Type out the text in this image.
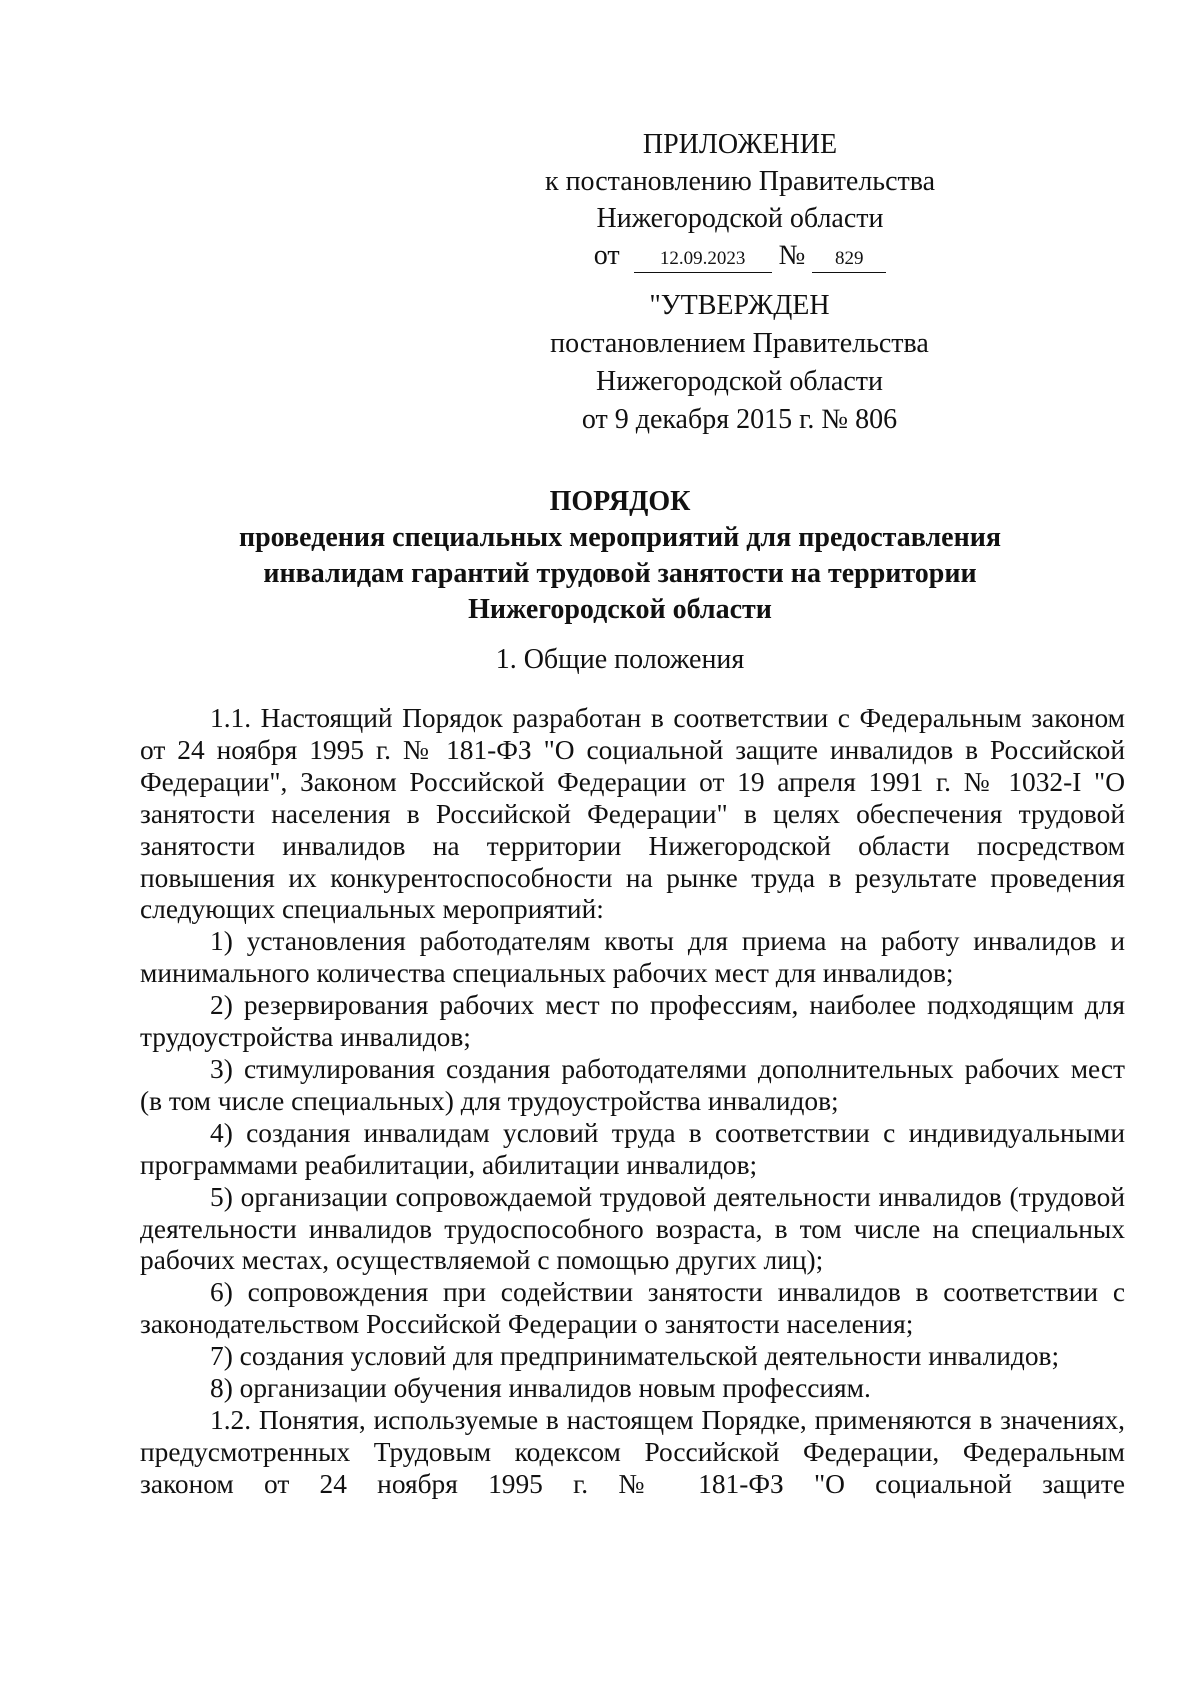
ПРИЛОЖЕНИЕ
к постановлению Правительства
Нижегородской области
от 12.09.2023 № 829
"УТВЕРЖДЕН
постановлением Правительства
Нижегородской области
от 9 декабря 2015 г. № 806
ПОРЯДОК
проведения специальных мероприятий для предоставления
инвалидам гарантий трудовой занятости на территории
Нижегородской области
1. Общие положения

1.1. Настоящий Порядок разработан в соответствии с Федеральным законом от 24 ноября 1995 г. № 181-ФЗ "О социальной защите инвалидов в Российской Федерации", Законом Российской Федерации от 19 апреля 1991 г. № 1032-I "О занятости населения в Российской Федерации" в целях обеспечения трудовой занятости инвалидов на территории Нижегородской области посредством повышения их конкурентоспособности на рынке труда в результате проведения следующих специальных мероприятий:

1) установления работодателям квоты для приема на работу инвалидов и минимального количества специальных рабочих мест для инвалидов;

2) резервирования рабочих мест по профессиям, наиболее подходящим для трудоустройства инвалидов;

3) стимулирования создания работодателями дополнительных рабочих мест (в том числе специальных) для трудоустройства инвалидов;

4) создания инвалидам условий труда в соответствии с индивидуальными программами реабилитации, абилитации инвалидов;

5) организации сопровождаемой трудовой деятельности инвалидов (трудовой деятельности инвалидов трудоспособного возраста, в том числе на специальных рабочих местах, осуществляемой с помощью других лиц);

6) сопровождения при содействии занятости инвалидов в соответствии с законодательством Российской Федерации о занятости населения;

7) создания условий для предпринимательской деятельности инвалидов;

8) организации обучения инвалидов новым профессиям.

1.2. Понятия, используемые в настоящем Порядке, применяются в значениях, предусмотренных Трудовым кодексом Российской Федерации, Федеральным законом от 24 ноября 1995 г. № 181-ФЗ "О социальной защите
